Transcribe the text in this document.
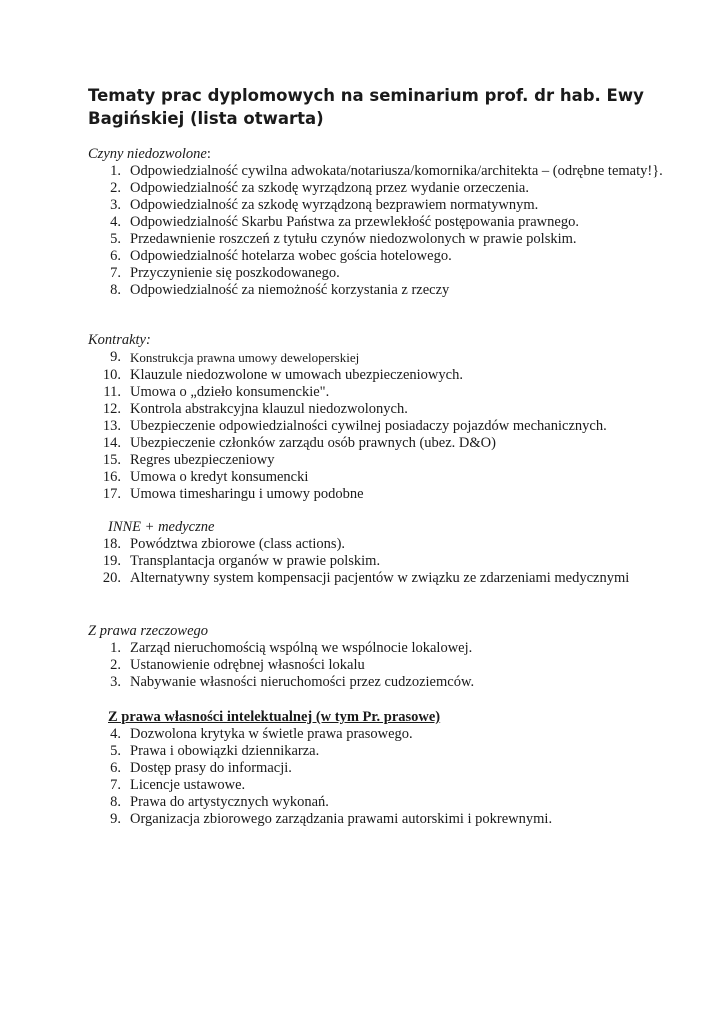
Tematy prac dyplomowych na seminarium prof. dr hab. Ewy Bagińskiej (lista otwarta)
Czyny niedozwolone:
1. Odpowiedzialność cywilna adwokata/notariusza/komornika/architekta – (odrębne tematy!}.
2. Odpowiedzialność za szkodę wyrządzoną przez wydanie orzeczenia.
3. Odpowiedzialność za szkodę wyrządzoną bezprawiem normatywnym.
4. Odpowiedzialność Skarbu Państwa za przewlekłość postępowania prawnego.
5. Przedawnienie roszczeń z tytułu czynów niedozwolonych w prawie polskim.
6. Odpowiedzialność hotelarza wobec gościa hotelowego.
7. Przyczynienie się poszkodowanego.
8. Odpowiedzialność za niemożność korzystania z rzeczy
Kontrakty:
9. Konstrukcja prawna umowy deweloperskiej
10. Klauzule niedozwolone w umowach ubezpieczeniowych.
11. Umowa o „dzieło konsumenckie".
12. Kontrola abstrakcyjna klauzul niedozwolonych.
13. Ubezpieczenie odpowiedzialności cywilnej posiadaczy pojazdów mechanicznych.
14. Ubezpieczenie członków zarządu osób prawnych (ubez. D&O)
15. Regres ubezpieczeniowy
16. Umowa o kredyt konsumencki
17. Umowa timesharingu i umowy podobne
INNE + medyczne
18. Powództwa zbiorowe (class actions).
19. Transplantacja organów w prawie polskim.
20. Alternatywny system kompensacji pacjentów w związku ze zdarzeniami medycznymi
Z prawa rzeczowego
1. Zarząd nieruchomością wspólną we wspólnocie lokalowej.
2. Ustanowienie odrębnej własności lokalu
3. Nabywanie własności nieruchomości przez cudzoziemców.
Z prawa własności intelektualnej (w tym Pr. prasowe)
4. Dozwolona krytyka w świetle prawa prasowego.
5. Prawa i obowiązki dziennikarza.
6. Dostęp prasy do informacji.
7. Licencje ustawowe.
8. Prawa do artystycznych wykonań.
9. Organizacja zbiorowego zarządzania prawami autorskimi i pokrewnymi.
